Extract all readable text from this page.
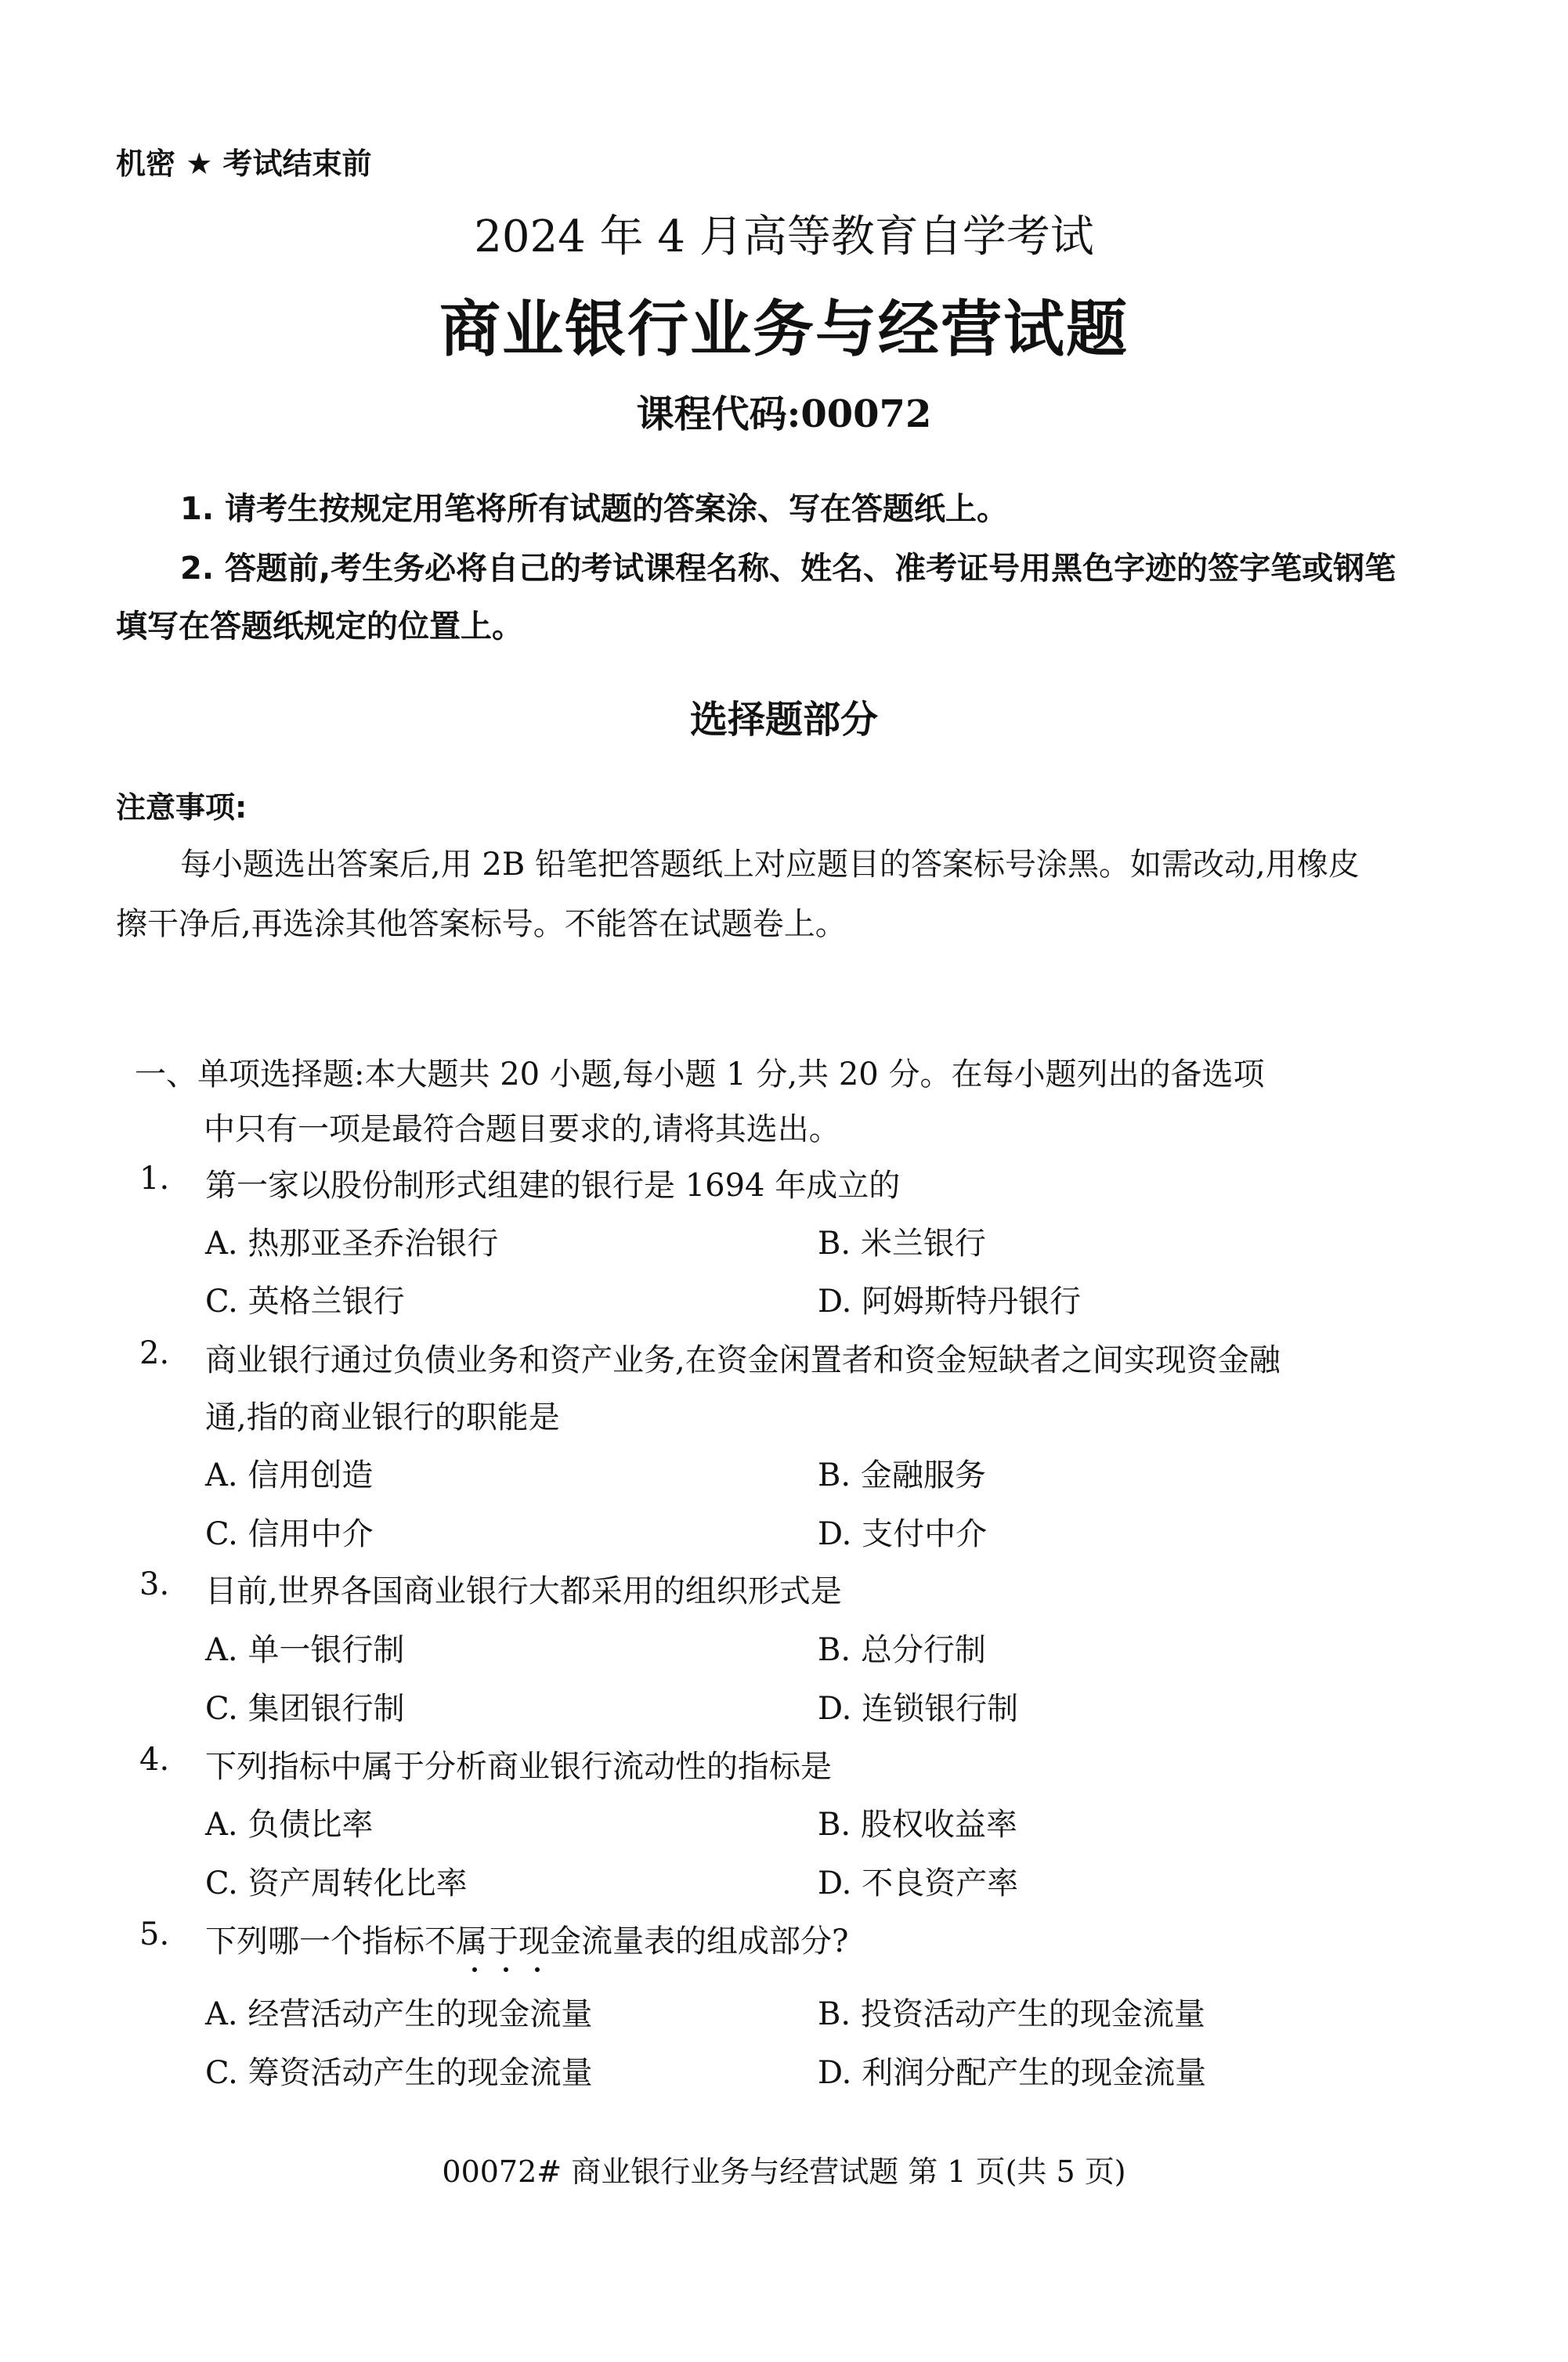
机密 ★ 考试结束前
2024 年 4 月高等教育自学考试
商业银行业务与经营试题
课程代码:00072
1. 请考生按规定用笔将所有试题的答案涂、写在答题纸上。
2. 答题前,考生务必将自己的考试课程名称、姓名、准考证号用黑色字迹的签字笔或钢笔
填写在答题纸规定的位置上。
选择题部分
注意事项:
每小题选出答案后,用 2B 铅笔把答题纸上对应题目的答案标号涂黑。如需改动,用橡皮
擦干净后,再选涂其他答案标号。不能答在试题卷上。
一、单项选择题:本大题共 20 小题,每小题 1 分,共 20 分。在每小题列出的备选项
中只有一项是最符合题目要求的,请将其选出。
1. 第一家以股份制形式组建的银行是 1694 年成立的
A. 热那亚圣乔治银行	B. 米兰银行
C. 英格兰银行	D. 阿姆斯特丹银行
2. 商业银行通过负债业务和资产业务,在资金闲置者和资金短缺者之间实现资金融
通,指的商业银行的职能是
A. 信用创造	B. 金融服务
C. 信用中介	D. 支付中介
3. 目前,世界各国商业银行大都采用的组织形式是
A. 单一银行制	B. 总分行制
C. 集团银行制	D. 连锁银行制
4. 下列指标中属于分析商业银行流动性的指标是
A. 负债比率	B. 股权收益率
C. 资产周转化比率	D. 不良资产率
5. 下列哪一个指标不属于现金流量表的组成部分?
A. 经营活动产生的现金流量	B. 投资活动产生的现金流量
C. 筹资活动产生的现金流量	D. 利润分配产生的现金流量
00072# 商业银行业务与经营试题 第 1 页(共 5 页)
